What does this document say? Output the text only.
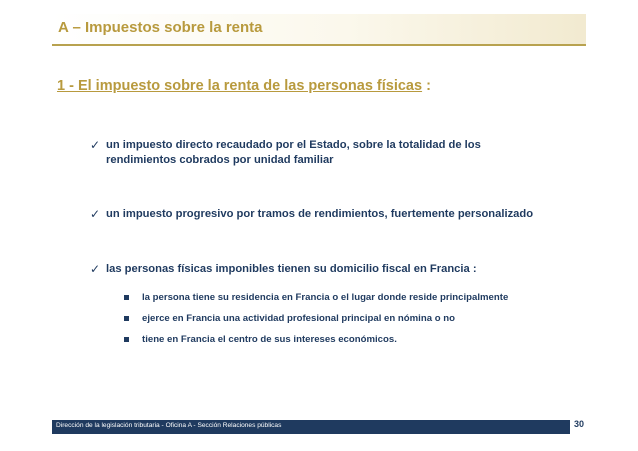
A – Impuestos sobre la renta
1 - El impuesto sobre la renta de las personas físicas :
✓ un impuesto directo recaudado por el Estado, sobre la totalidad de los
rendimientos cobrados por unidad familiar
✓ un impuesto progresivo por tramos de rendimientos, fuertemente personalizado
✓ las personas físicas imponibles tienen su domicilio fiscal en Francia :
la persona tiene su residencia en Francia o el lugar donde reside principalmente
ejerce en Francia una actividad profesional principal en nómina o no
tiene en Francia el centro de sus intereses económicos.
Dirección de la legislación tributaria - Oficina A - Sección Relaciones públicas	30
